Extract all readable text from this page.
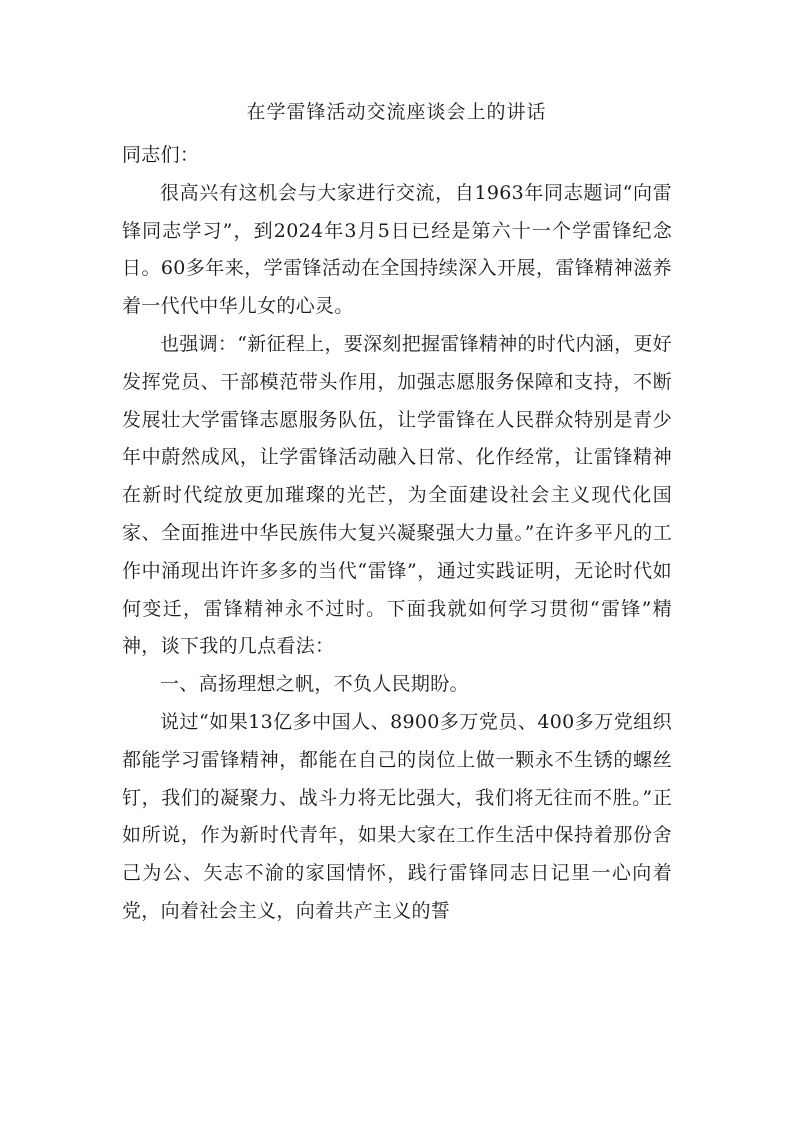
在学雷锋活动交流座谈会上的讲话

同志们：

很高兴有这机会与大家进行交流，自1963年同志题词“向雷锋同志学习”，到2024年3月5日已经是第六十一个学雷锋纪念日。60多年来，学雷锋活动在全国持续深入开展，雷锋精神滋养着一代代中华儿女的心灵。

也强调：“新征程上，要深刻把握雷锋精神的时代内涵，更好发挥党员、干部模范带头作用，加强志愿服务保障和支持，不断发展壮大学雷锋志愿服务队伍，让学雷锋在人民群众特别是青少年中蔚然成风，让学雷锋活动融入日常、化作经常，让雷锋精神在新时代绽放更加璀璨的光芒，为全面建设社会主义现代化国家、全面推进中华民族伟大复兴凝聚强大力量。”在许多平凡的工作中涌现出许许多多的当代“雷锋”，通过实践证明，无论时代如何变迁，雷锋精神永不过时。下面我就如何学习贯彻“雷锋”精神，谈下我的几点看法：

一、高扬理想之帆，不负人民期盼。

说过“如果13亿多中国人、8900多万党员、400多万党组织都能学习雷锋精神，都能在自己的岗位上做一颗永不生锈的螺丝钉，我们的凝聚力、战斗力将无比强大，我们将无往而不胜。”正如所说，作为新时代青年，如果大家在工作生活中保持着那份舍己为公、矢志不渝的家国情怀，践行雷锋同志日记里一心向着党，向着社会主义，向着共产主义的誓
